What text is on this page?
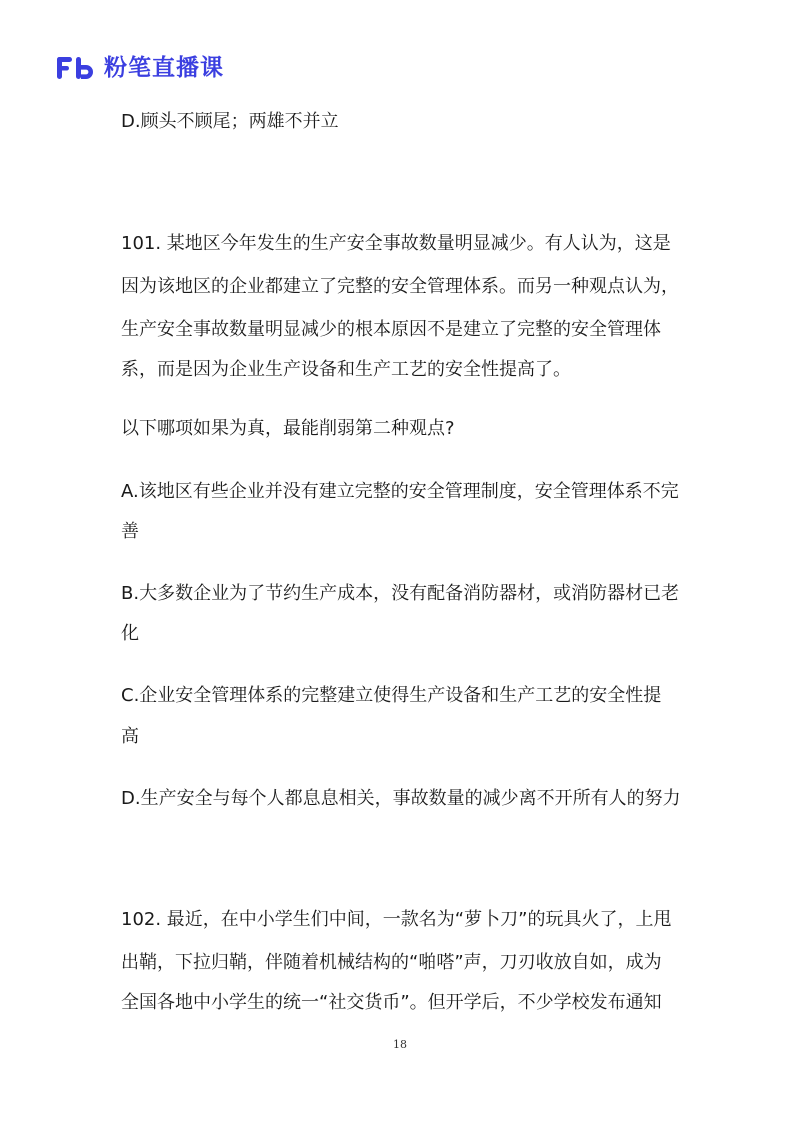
粉笔直播课
D.顾头不顾尾；两雄不并立
101. 某地区今年发生的生产安全事故数量明显减少。有人认为，这是
因为该地区的企业都建立了完整的安全管理体系。而另一种观点认为，
生产安全事故数量明显减少的根本原因不是建立了完整的安全管理体
系，而是因为企业生产设备和生产工艺的安全性提高了。
以下哪项如果为真，最能削弱第二种观点?
A.该地区有些企业并没有建立完整的安全管理制度，安全管理体系不完
善
B.大多数企业为了节约生产成本，没有配备消防器材，或消防器材已老
化
C.企业安全管理体系的完整建立使得生产设备和生产工艺的安全性提
高
D.生产安全与每个人都息息相关，事故数量的减少离不开所有人的努力
102. 最近，在中小学生们中间，一款名为“萝卜刀”的玩具火了，上甩
出鞘，下拉归鞘，伴随着机械结构的“啪嗒”声，刀刃收放自如，成为
全国各地中小学生的统一“社交货币”。但开学后，不少学校发布通知
18
